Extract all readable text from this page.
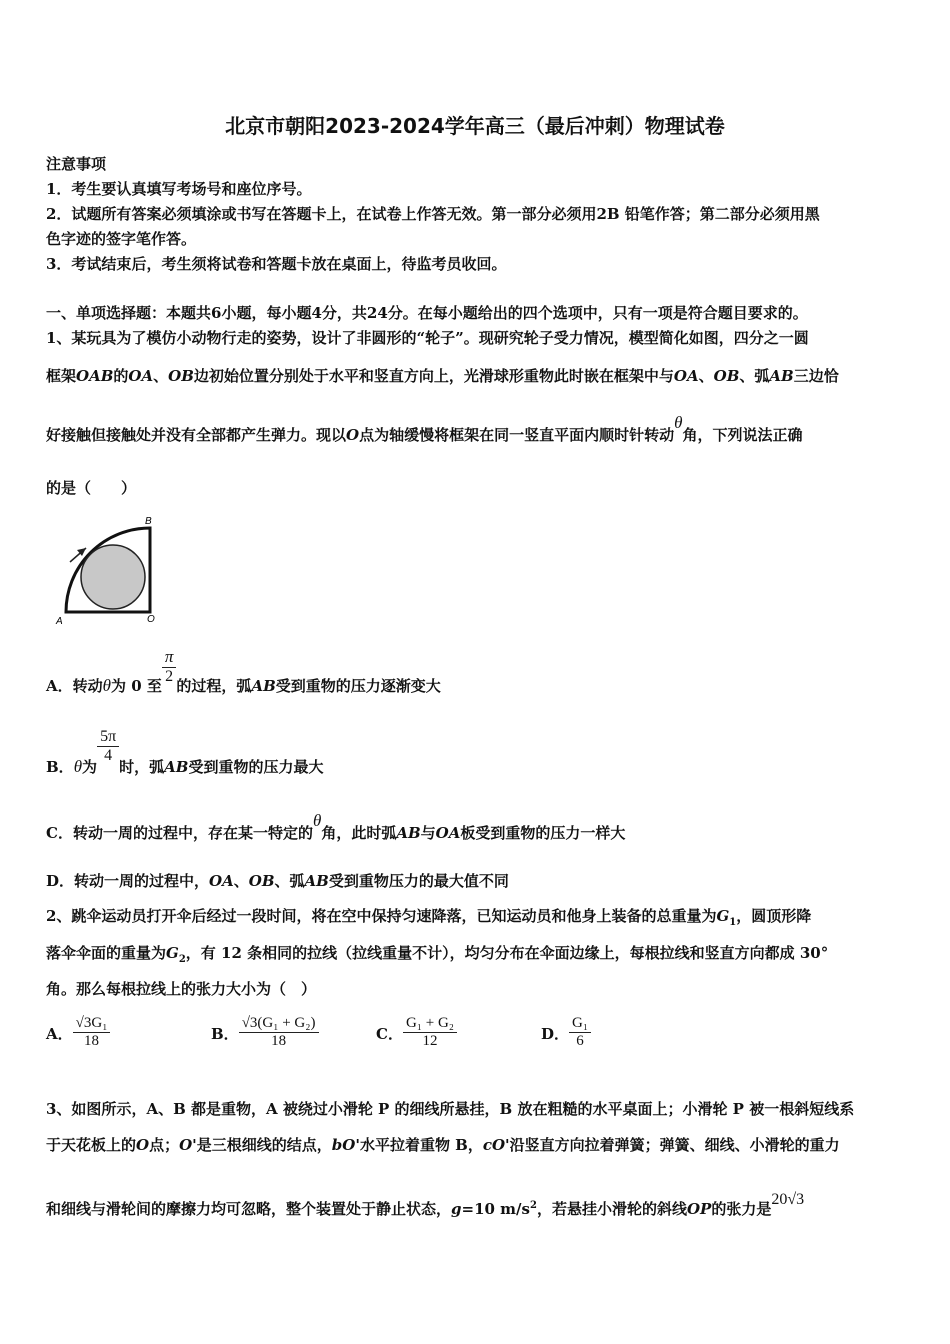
北京市朝阳2023-2024学年高三（最后冲刺）物理试卷
注意事项
1．考生要认真填写考场号和座位序号。
2．试题所有答案必须填涂或书写在答题卡上，在试卷上作答无效。第一部分必须用2B 铅笔作答；第二部分必须用黑
色字迹的签字笔作答。
3．考试结束后，考生须将试卷和答题卡放在桌面上，待监考员收回。
一、单项选择题：本题共6小题，每小题4分，共24分。在每小题给出的四个选项中，只有一项是符合题目要求的。
1、某玩具为了模仿小动物行走的姿势，设计了非圆形的“轮子”。现研究轮子受力情况，模型简化如图，四分之一圆
框架OAB的OA、OB边初始位置分别处于水平和竖直方向上，光滑球形重物此时嵌在框架中与OA、OB、弧AB三边恰
好接触但接触处并没有全部都产生弹力。现以O点为轴缓慢将框架在同一竖直平面内顺时针转动θ角，下列说法正确
的是（　　）
B
A	O
A．转动θ为 0 至 $\frac{\pi}{2}$ 的过程，弧AB受到重物的压力逐渐变大
B．θ为
$\frac{5\pi}{4}$
时，弧AB受到重物的压力最大
C．转动一周的过程中，存在某一特定的θ角，此时弧AB与OA板受到重物的压力一样大
D．转动一周的过程中，OA、OB、弧AB受到重物压力的最大值不同
2、跳伞运动员打开伞后经过一段时间，将在空中保持匀速降落，已知运动员和他身上装备的总重量为$G_1$，圆顶形降
落伞伞面的重量为$G_2$，有 12 条相同的拉线（拉线重量不计），均匀分布在伞面边缘上，每根拉线和竖直方向都成 30°
角。那么每根拉线上的张力大小为（　）
A． $\frac{\text{√3G₁}}{18}$	B． $\frac{\text{√3(G₁ + G₂)}}{18}$	C． $\frac{\text{G₁ + G₂}}{12}$	D． $\frac{\text{G₁}}{6}$
3、如图所示，A、B 都是重物，A 被绕过小滑轮 P 的细线所悬挂，B 放在粗糙的水平桌面上；小滑轮 P 被一根斜短线系
于天花板上的O点；O'是三根细线的结点，bO'水平拉着重物 B，cO'沿竖直方向拉着弹簧；弹簧、细线、小滑轮的重力
和细线与滑轮间的摩擦力均可忽略，整个装置处于静止状态，g=10 $m/s^2$，若悬挂小滑轮的斜线OP的张力是20√3
